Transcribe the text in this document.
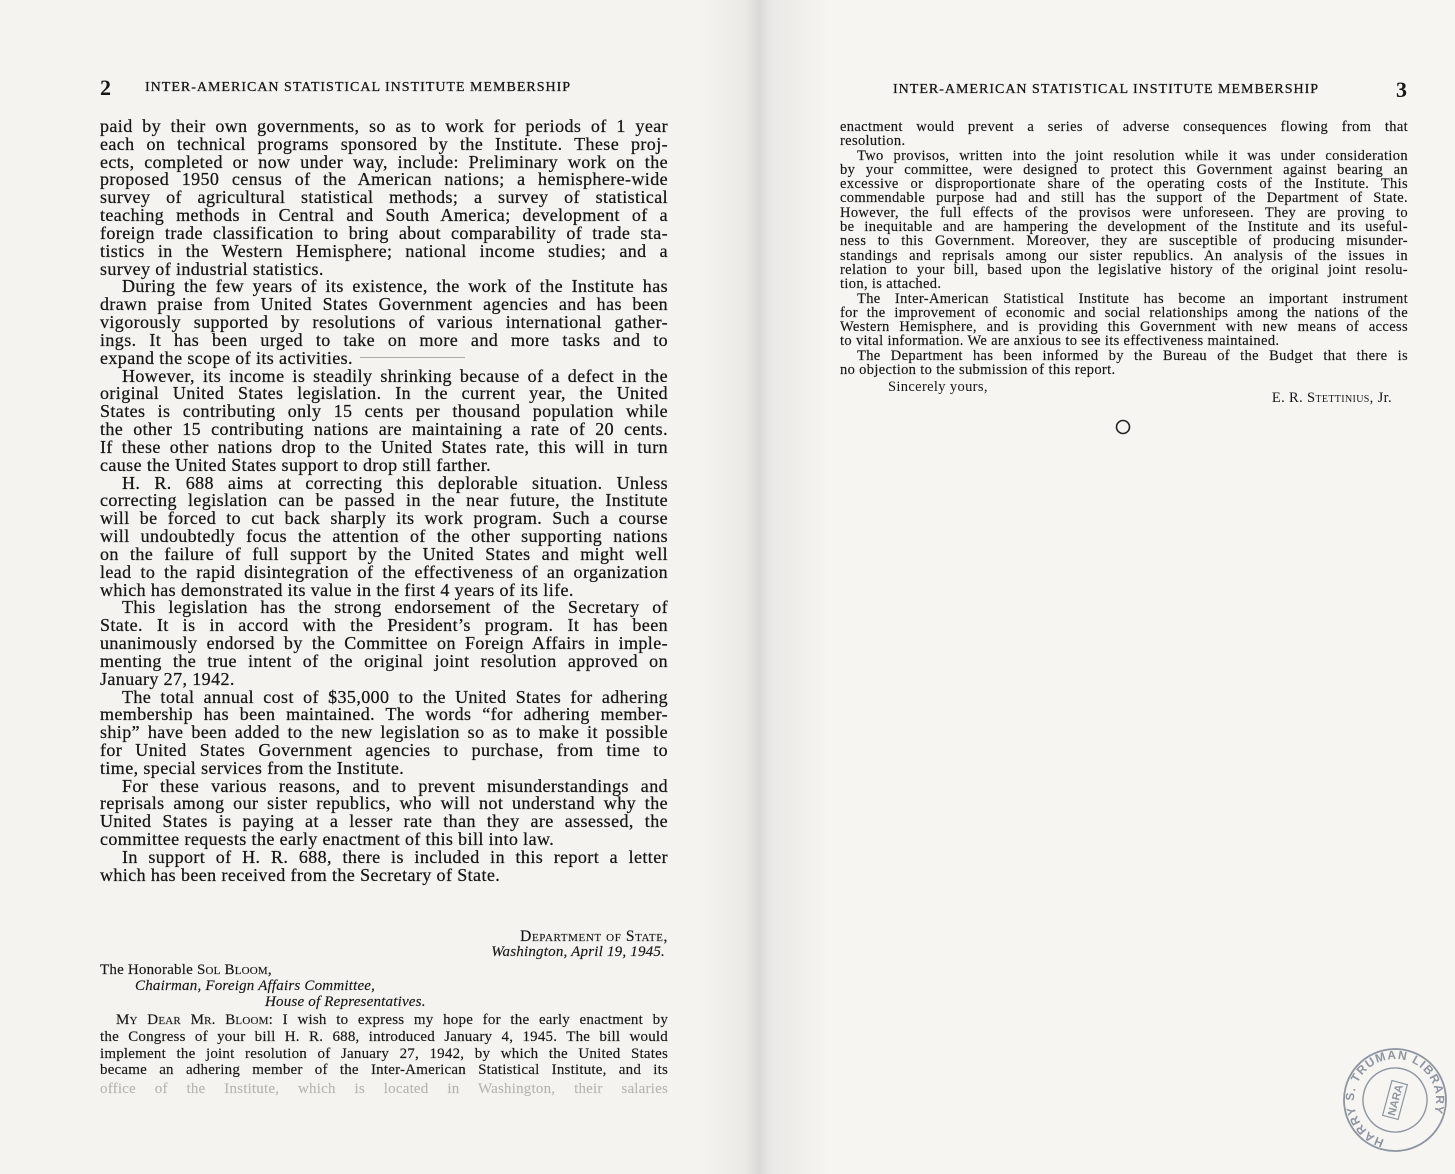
2 INTER-AMERICAN STATISTICAL INSTITUTE MEMBERSHIP
paid by their own governments, so as to work for periods of 1 year
each on technical programs sponsored by the Institute. These proj-
ects, completed or now under way, include: Preliminary work on the
proposed 1950 census of the American nations; a hemisphere-wide
survey of agricultural statistical methods; a survey of statistical
teaching methods in Central and South America; development of a
foreign trade classification to bring about comparability of trade sta-
tistics in the Western Hemisphere; national income studies; and a
survey of industrial statistics.
During the few years of its existence, the work of the Institute has
drawn praise from United States Government agencies and has been
vigorously supported by resolutions of various international gather-
ings. It has been urged to take on more and more tasks and to
expand the scope of its activities.
However, its income is steadily shrinking because of a defect in the
original United States legislation. In the current year, the United
States is contributing only 15 cents per thousand population while
the other 15 contributing nations are maintaining a rate of 20 cents.
If these other nations drop to the United States rate, this will in turn
cause the United States support to drop still farther.
H. R. 688 aims at correcting this deplorable situation. Unless
correcting legislation can be passed in the near future, the Institute
will be forced to cut back sharply its work program. Such a course
will undoubtedly focus the attention of the other supporting nations
on the failure of full support by the United States and might well
lead to the rapid disintegration of the effectiveness of an organization
which has demonstrated its value in the first 4 years of its life.
This legislation has the strong endorsement of the Secretary of
State. It is in accord with the President’s program. It has been
unanimously endorsed by the Committee on Foreign Affairs in imple-
menting the true intent of the original joint resolution approved on
January 27, 1942.
The total annual cost of $35,000 to the United States for adhering
membership has been maintained. The words “for adhering member-
ship” have been added to the new legislation so as to make it possible
for United States Government agencies to purchase, from time to
time, special services from the Institute.
For these various reasons, and to prevent misunderstandings and
reprisals among our sister republics, who will not understand why the
United States is paying at a lesser rate than they are assessed, the
committee requests the early enactment of this bill into law.
In support of H. R. 688, there is included in this report a letter
which has been received from the Secretary of State.
Department of State,
Washington, April 19, 1945.
The Honorable Sol Bloom,
Chairman, Foreign Affairs Committee,
House of Representatives.
My Dear Mr. Bloom: I wish to express my hope for the early enactment by
the Congress of your bill H. R. 688, introduced January 4, 1945. The bill would
implement the joint resolution of January 27, 1942, by which the United States
became an adhering member of the Inter-American Statistical Institute, and its
office of the Institute, which is located in Washington, their salaries
INTER-AMERICAN STATISTICAL INSTITUTE MEMBERSHIP	3
enactment would prevent a series of adverse consequences flowing from that
resolution.
Two provisos, written into the joint resolution while it was under consideration
by your committee, were designed to protect this Government against bearing an
excessive or disproportionate share of the operating costs of the Institute. This
commendable purpose had and still has the support of the Department of State.
However, the full effects of the provisos were unforeseen. They are proving to
be inequitable and are hampering the development of the Institute and its useful-
ness to this Government. Moreover, they are susceptible of producing misunder-
standings and reprisals among our sister republics. An analysis of the issues in
relation to your bill, based upon the legislative history of the original joint resolu-
tion, is attached.
The Inter-American Statistical Institute has become an important instrument
for the improvement of economic and social relationships among the nations of the
Western Hemisphere, and is providing this Government with new means of access
to vital information. We are anxious to see its effectiveness maintained.
The Department has been informed by the Bureau of the Budget that there is
no objection to the submission of this report.
Sincerely yours,
E. R. Stettinius, Jr.
HARRY S. TRUMAN LIBRARY
NARA
